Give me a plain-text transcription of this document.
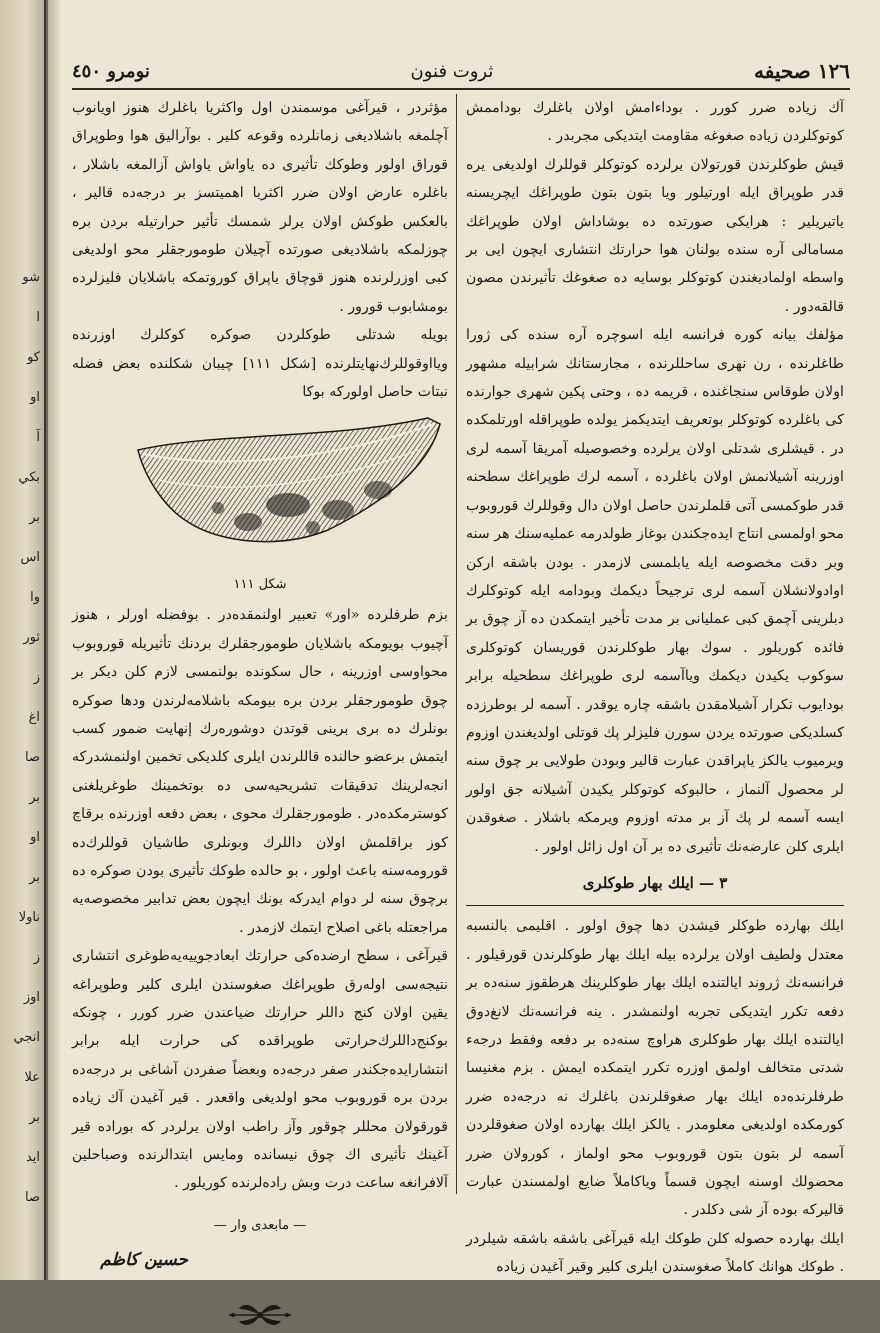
شو
ا
كو
او
آ
بكي
بر
اس
وا
ثور
ز
اغ
صا
بر
او
بر
ناولا
ز
اوز
انجي
علا
بر
ايد
صا
١٢٦ صحيفه
ثروت فنون
نومرو ٤٥٠

آك زياده ضرر كورر . بوداءامش اولان باغلرك بوداممش كوتوكلردن زياده صغوغه مقاومت ايتديكى مجربدر .

قيش طوكلرندن قورتولان يرلرده كوتوكلر قوللرك اولديغى يره قدر طوپراق ايله اورتيلور ويا بتون بتون طوپراغك ايچريسنه ياتيريلير : هرايكى صورتده ده بوشاداش اولان طوپراغك مسامالى آره سنده بولنان هوا حرارتك انتشارى ايچون ايى بر واسطه اولماديغندن كوتوكلر بوسايه ده صغوغك تأثيرندن مصون قالقه‌دور .

مؤلفك بيانه كوره فرانسه ايله اسوچره آره سنده كى ژورا طاغلرنده ، رن نهرى ساحللرنده ، مجارستانك شرابيله مشهور اولان طوقاس سنجاغنده ، قريمه ده ، وحتى پكين شهرى جوارنده كى باغلرده كوتوكلر بوتعريف ايتديكمز يولده طوپراقله اورتلمكده در . قيشلرى شدتلى اولان يرلرده وخصوصيله آمريقا آسمه لرى اوزرينه آشيلانمش اولان باغلرده ، آسمه لرك طوپراغك سطحنه قدر طوكمسى آتى قلملرندن حاصل اولان دال وقوللرك قوروبوب محو اولمسى انتاج ايده‌جكندن بوغاز طولدرمه عمليه‌سنك هر سنه وبر دقت مخصوصه ايله يابلمسى لازمدر . بودن باشقه اركن اوادولانشلان آسمه لرى ترجيحاً ديكمك وبودامه ايله كوتوكلرك دبلرينى آچمق كبى عمليانى بر مدت تأخير ايتمكدن ده آز چوق بر فائده كوريلور . سوك بهار طوكلرندن قوريسان كوتوكلرى سوكوب يكيدن ديكمك وياآسمه لرى طوپراغك سطحيله برابر بودايوب تكرار آشيلامقدن باشقه چاره يوقدر . آسمه لر بوطرزده كسلديكى صورتده يردن سورن فليزلر پك قوتلى اولديغندن اوزوم ويرميوب يالكز ياپراقدن عبارت قالير وبودن طولايى بر چوق سنه لر محصول آلنماز ، حالبوكه كوتوكلر يكيدن آشيلانه جق اولور ايسه آسمه لر پك آز بر مدته اوزوم ويرمكه باشلار . صغوقدن ايلرى كلن عارضه‌نك تأثيرى ده بر آن اول زائل اولور .

٣ — ايلك بهار طوكلرى

ايلك بهارده طوكلر قيشدن دها چوق اولور . اقليمى بالنسبه معتدل ولطيف اولان يرلرده بيله ايلك بهار طوكلرندن قورقيلور . فرانسه‌نك ژروند ايالتنده ايلك بهار طوكلرينك هرطقوز سنه‌ده بر دفعه تكرر ايتديكى تجربه اولنمشدر . ينه فرانسه‌نك لانغ‌دوق ايالتنده ايلك بهار طوكلرى هراوچ سنه‌ده بر دفعه وفقط درجه‌ء شدتى متخالف اولمق اوزره تكرر ايتمكده ايمش . بزم مغنيسا طرفلرنده‌ده ايلك بهار صغوقلرندن باغلرك نه درجه‌ده ضرر كورمكده اولديغى معلومدر . يالكز ايلك بهارده اولان صغوقلردن آسمه لر بتون بتون قوروبوب محو اولماز ، كورولان ضرر محصولك اوسنه ايچون قسماً وياكاملاً ضايع اولمسندن عبارت قاليركه بوده آز شى دكلدر .

ايلك بهارده حصوله كلن طوكك ايله قيرآغى باشقه باشقه شيلردر . طوكك هوانك كاملاً صغوسندن ايلرى كلير وقير آغيدن زياده

مؤثردر ، قيرآغى موسمندن اول واكثريا باغلرك هنوز اويانوب آچلمغه باشلاديغى زمانلرده وقوعه كلير . بوآراليق هوا وطوپراق قوراق اولور وطوكك تأثيرى ده ياواش ياواش آزالمغه باشلار ، باغلره عارض اولان ضرر اكثريا اهميتسز بر درجه‌ده قالير ، بالعكس طوكش اولان يرلر شمسك تأثير حرارتيله بردن بره چوزلمكه باشلاديغى صورتده آچيلان طومورجقلر محو اولديغى كبى اوزرلرنده هنوز قوچاق ياپراق كوروتمكه باشلايان فليزلرده بومشابوب قورور .

بويله شدتلى طوكلردن صوكره كوكلرك اوزرنده ويااوقوللرك‌نهايتلرنده [شكل ١١١] چيبان شكلنده بعض فضله نبتات حاصل اولوركه بوكا

شكل ١١١

بزم طرفلرده «اور» تعبير اولنمقده‌در . بوفضله اورلر ، هنوز آچيوب بويومكه باشلايان طومورجقلرك بردنك تأثيريله قوروبوب محواوسى اوزرينه ، حال سكونده بولنمسى لازم كلن ديكر بر چوق طومورجقلر بردن بره بيومكه باشلامه‌لرندن ودها صوكره بونلرك ده برى برينى قوتدن دوشوره‌رك إنهايت ضمور كسب ايتمش برعضو حالنده قاللرندن ايلرى كلديكى تخمين اولنمشدركه انجه‌لرينك تدقيقات تشريحيه‌سى ده بوتخمينك طوغريلغنى كوسترمكده‌در . طومورجقلرك محوى ، بعض دفعه اوزرنده برقاچ كوز براقلمش اولان داللرك وبونلرى طاشيان قوللرك‌ده قورومه‌سنه باعث اولور ، بو حالده طوكك تأثيرى بودن صوكره ده برچوق سنه لر دوام ايدركه بونك ايچون بعض تدابير مخصوصه‌يه مراجعتله باغى اصلاح ايتمك لازمدر .

قيرآغى ، سطح ارضده‌كى حرارتك ابعاد‌جوييه‌يه‌طوغرى انتشارى نتيجه‌سى اوله‌رق طوپراغك صغوسندن ايلرى كلير وطوپراغه يقين اولان كنج داللر حرارتك ضياعندن ضرر كورر ، چونكه بوكنج‌داللرك‌حرارتى طوپراقده كى حرارت ايله برابر انتشارايده‌جكندر صفر درجه‌ده وبعضاً صفردن آشاغى بر درجه‌ده بردن بره قوروبوب محو اولديغى واقعدر . قير آغيدن آك زياده قورقولان محللر چوقور وآز راطب اولان يرلردر كه بوراده قير آغينك تأثيرى اك چوق نيسانده ومايس ابتدالرنده وصباحلين آلافرانغه ساعت درت وبش راده‌لرنده كوريلور .

— مابعدى وار —
حسين كاظم
